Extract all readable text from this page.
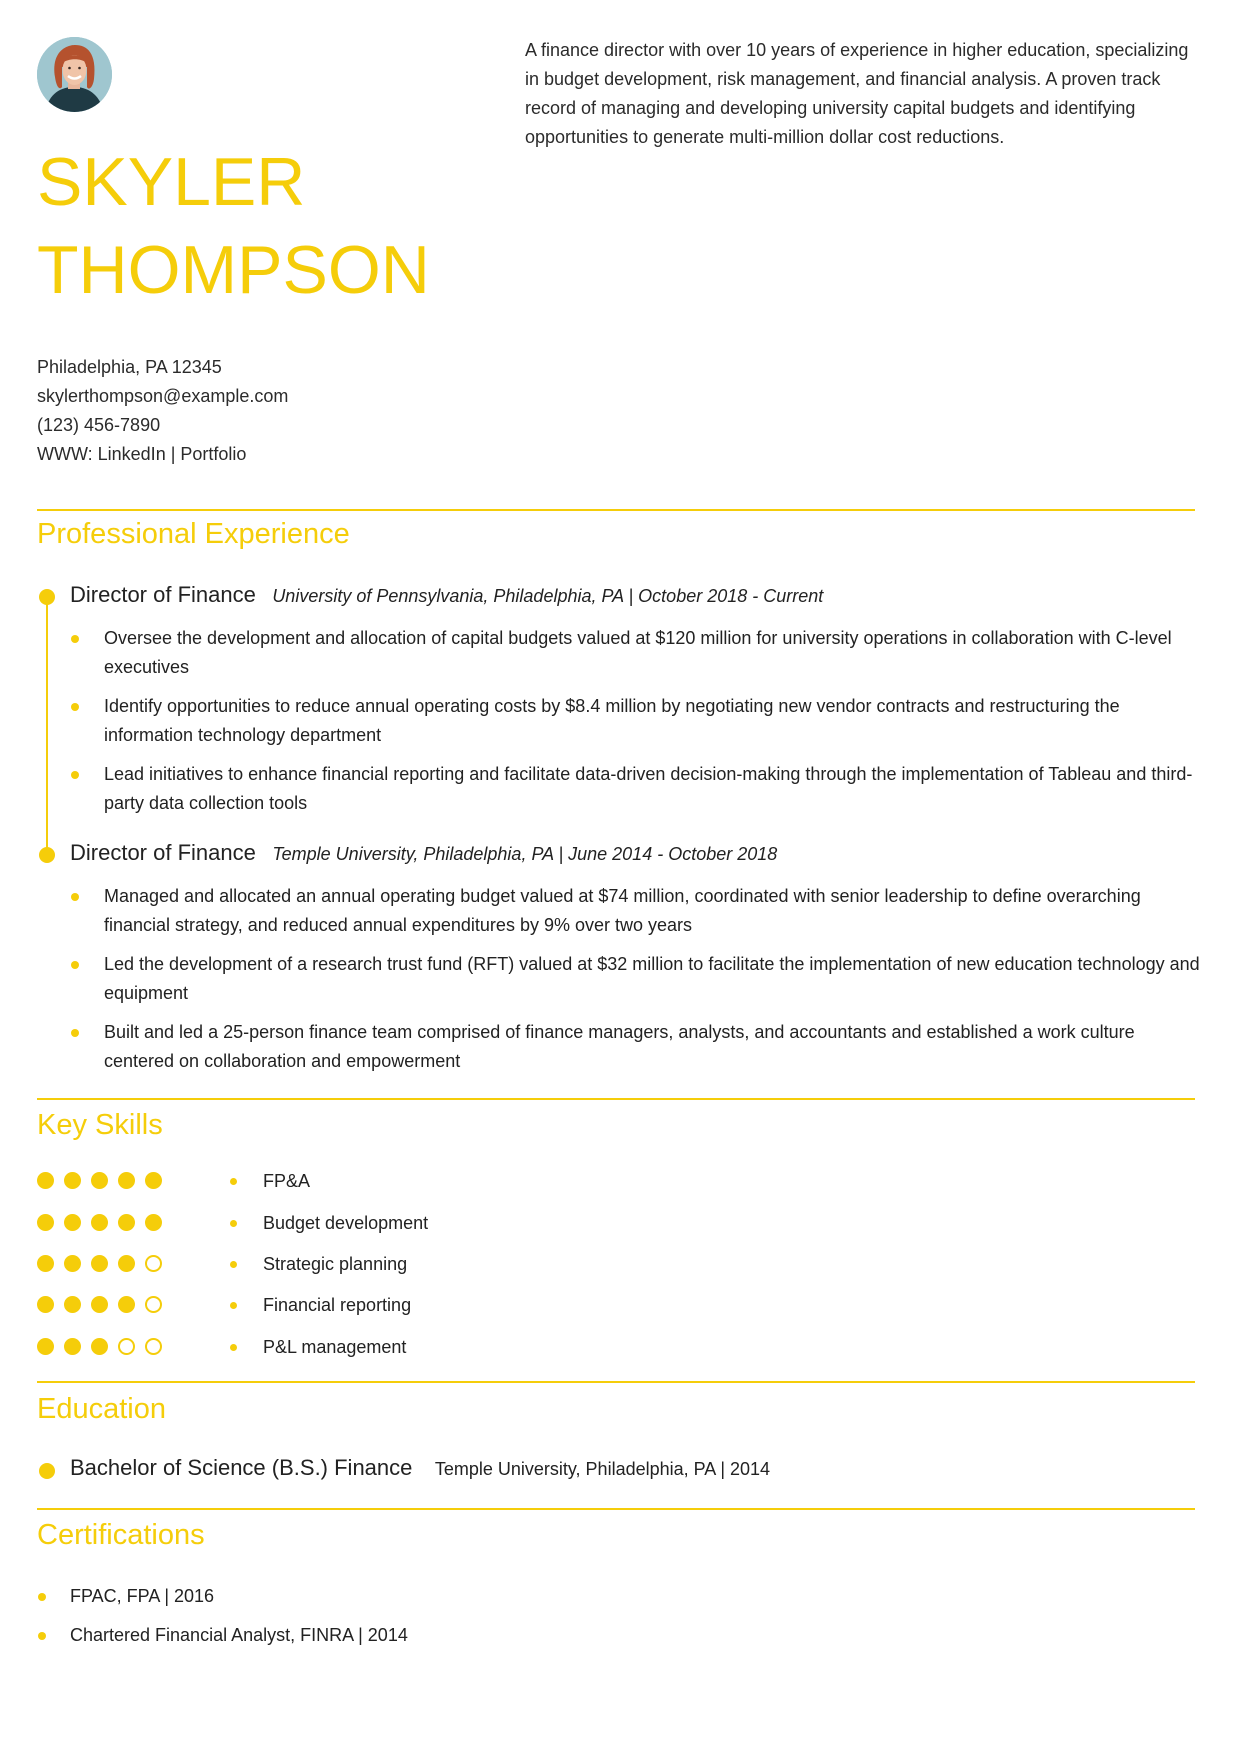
SKYLER
THOMPSON

A finance director with over 10 years of experience in higher education, specializing in budget development, risk management, and financial analysis. A proven track record of managing and developing university capital budgets and identifying opportunities to generate multi-million dollar cost reductions.

Philadelphia, PA 12345
skylerthompson@example.com
(123) 456-7890
WWW: LinkedIn | Portfolio
Professional Experience
Director of Finance University of Pennsylvania, Philadelphia, PA | October 2018 - Current
Oversee the development and allocation of capital budgets valued at $120 million for university operations in collaboration with C-level executives
Identify opportunities to reduce annual operating costs by $8.4 million by negotiating new vendor contracts and restructuring the information technology department
Lead initiatives to enhance financial reporting and facilitate data-driven decision-making through the implementation of Tableau and third-party data collection tools
Director of Finance Temple University, Philadelphia, PA | June 2014 - October 2018
Managed and allocated an annual operating budget valued at $74 million, coordinated with senior leadership to define overarching financial strategy, and reduced annual expenditures by 9% over two years
Led the development of a research trust fund (RFT) valued at $32 million to facilitate the implementation of new education technology and equipment
Built and led a 25-person finance team comprised of finance managers, analysts, and accountants and established a work culture centered on collaboration and empowerment
Key Skills
FP&A
Budget development
Strategic planning
Financial reporting
P&L management
Education
Bachelor of Science (B.S.) Finance Temple University, Philadelphia, PA | 2014
Certifications
FPAC, FPA | 2016
Chartered Financial Analyst, FINRA | 2014
